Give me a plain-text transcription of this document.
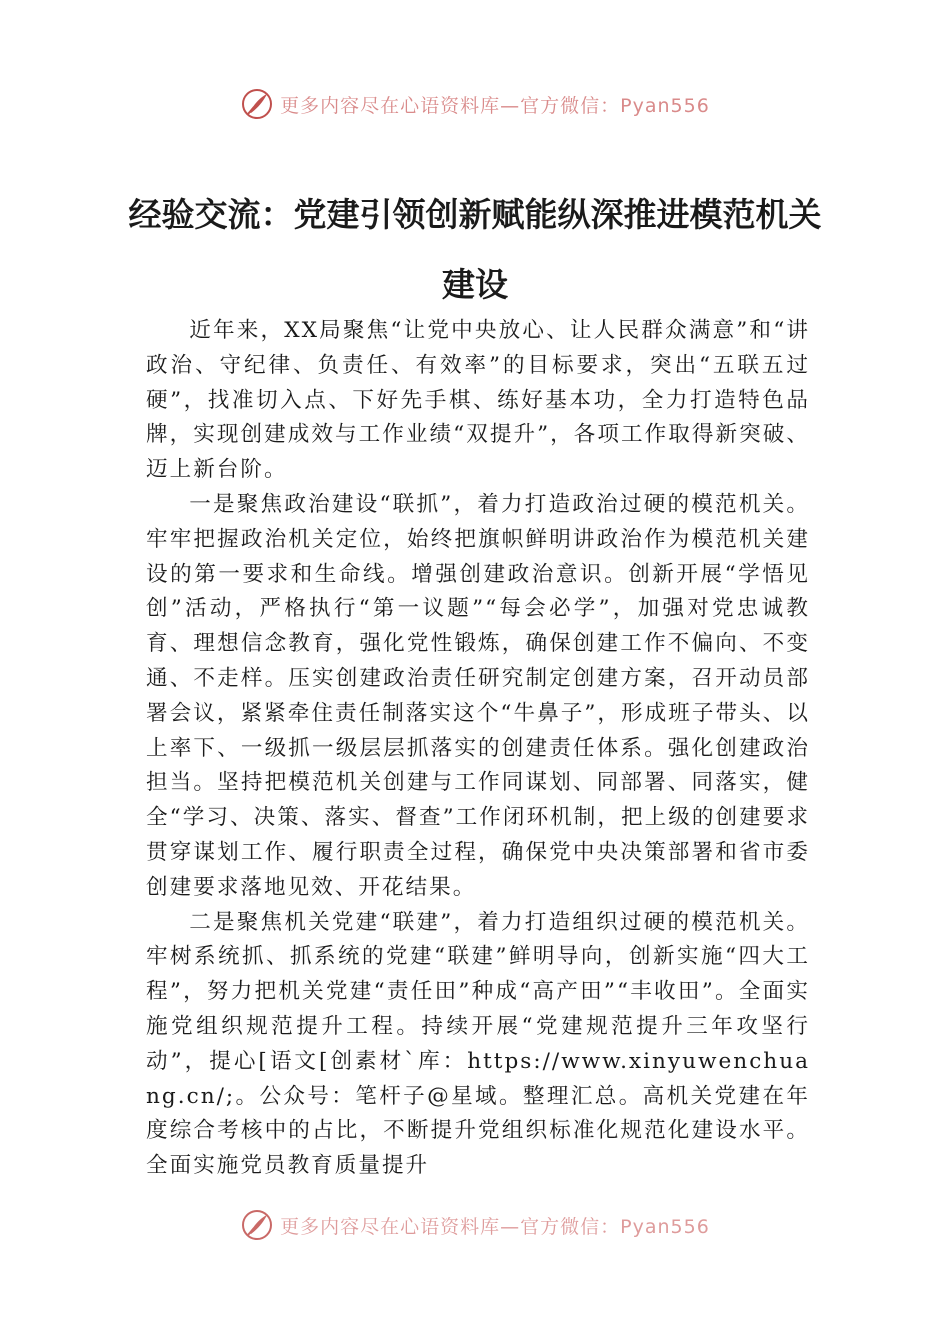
更多内容尽在心语资料库—官方微信：Pyan556
经验交流：党建引领创新赋能纵深推进模范机关建设

近年来，XX局聚焦“让党中央放心、让人民群众满意”和“讲政治、守纪律、负责任、有效率”的目标要求，突出“五联五过硬”，找准切入点、下好先手棋、练好基本功，全力打造特色品牌，实现创建成效与工作业绩“双提升”，各项工作取得新突破、迈上新台阶。

一是聚焦政治建设“联抓”，着力打造政治过硬的模范机关。牢牢把握政治机关定位，始终把旗帜鲜明讲政治作为模范机关建设的第一要求和生命线。增强创建政治意识。创新开展“学悟见创”活动，严格执行“第一议题”“每会必学”，加强对党忠诚教育、理想信念教育，强化党性锻炼，确保创建工作不偏向、不变通、不走样。压实创建政治责任研究制定创建方案，召开动员部署会议，紧紧牵住责任制落实这个“牛鼻子”，形成班子带头、以上率下、一级抓一级层层抓落实的创建责任体系。强化创建政治担当。坚持把模范机关创建与工作同谋划、同部署、同落实，健全“学习、决策、落实、督查”工作闭环机制，把上级的创建要求贯穿谋划工作、履行职责全过程，确保党中央决策部署和省市委创建要求落地见效、开花结果。

二是聚焦机关党建“联建”，着力打造组织过硬的模范机关。牢树系统抓、抓系统的党建“联建”鲜明导向，创新实施“四大工程”，努力把机关党建“责任田”种成“高产田”“丰收田”。全面实施党组织规范提升工程。持续开展“党建规范提升三年攻坚行动”，提心[语文[创素材`库：https://www.xinyuwenchuang.cn/;。公众号：笔杆子@星域。整理汇总。高机关党建在年度综合考核中的占比，不断提升党组织标准化规范化建设水平。全面实施党员教育质量提升

更多内容尽在心语资料库—官方微信：Pyan556
